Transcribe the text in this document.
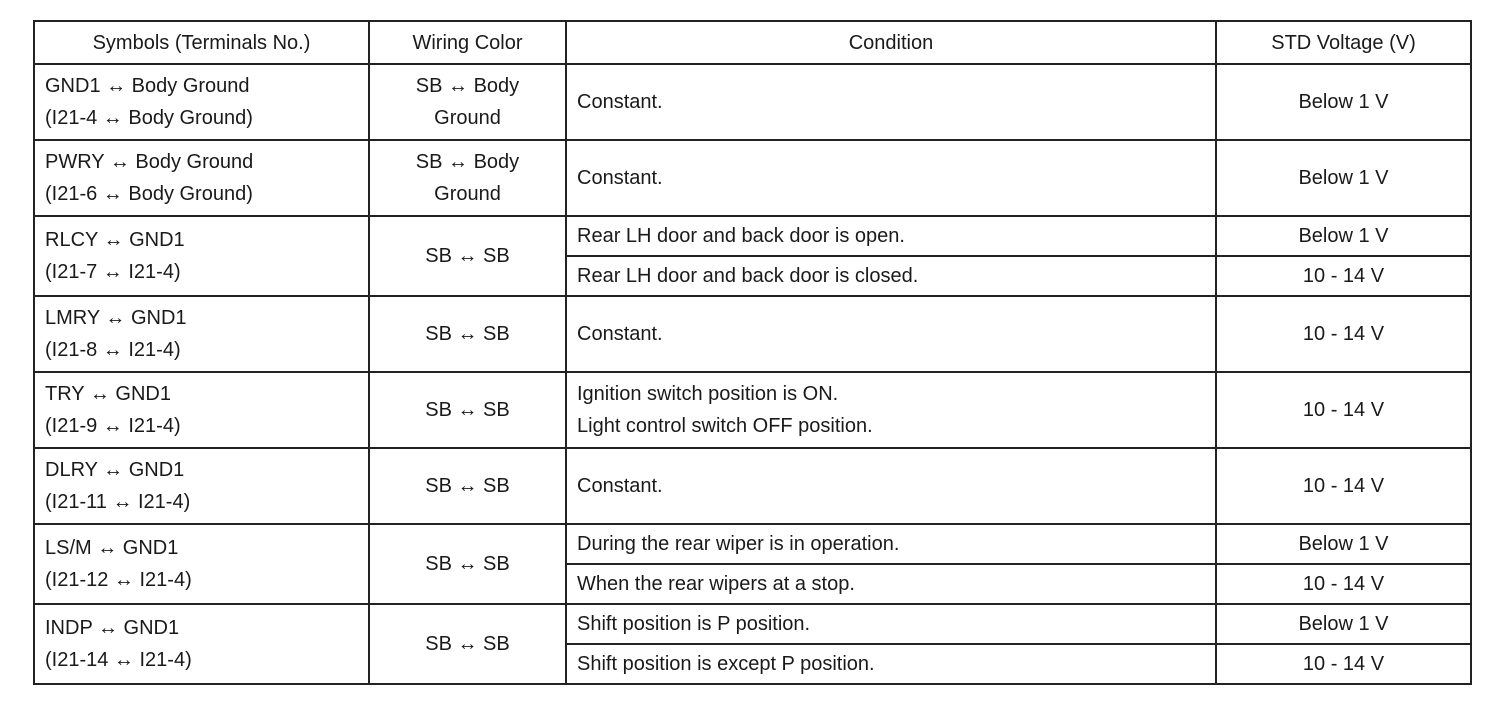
Symbols (Terminals No.)	Wiring Color	Condition	STD Voltage (V)

GND1 ↔ Body Ground
(I21-4 ↔ Body Ground)	SB ↔ Body
Ground	Constant.	Below 1 V

PWRY ↔ Body Ground
(I21-6 ↔ Body Ground)	SB ↔ Body
Ground	Constant.	Below 1 V

RLCY ↔ GND1
(I21-7 ↔ I21-4)	SB ↔ SB	Rear LH door and back door is open.	Below 1 V
		Rear LH door and back door is closed.	10 - 14 V

LMRY ↔ GND1
(I21-8 ↔ I21-4)	SB ↔ SB	Constant.	10 - 14 V

TRY ↔ GND1
(I21-9 ↔ I21-4)	SB ↔ SB	Ignition switch position is ON.
Light control switch OFF position.	10 - 14 V

DLRY ↔ GND1
(I21-11 ↔ I21-4)	SB ↔ SB	Constant.	10 - 14 V

LS/M ↔ GND1
(I21-12 ↔ I21-4)	SB ↔ SB	During the rear wiper is in operation.	Below 1 V
		When the rear wipers at a stop.	10 - 14 V

INDP ↔ GND1
(I21-14 ↔ I21-4)	SB ↔ SB	Shift position is P position.	Below 1 V
		Shift position is except P position.	10 - 14 V
